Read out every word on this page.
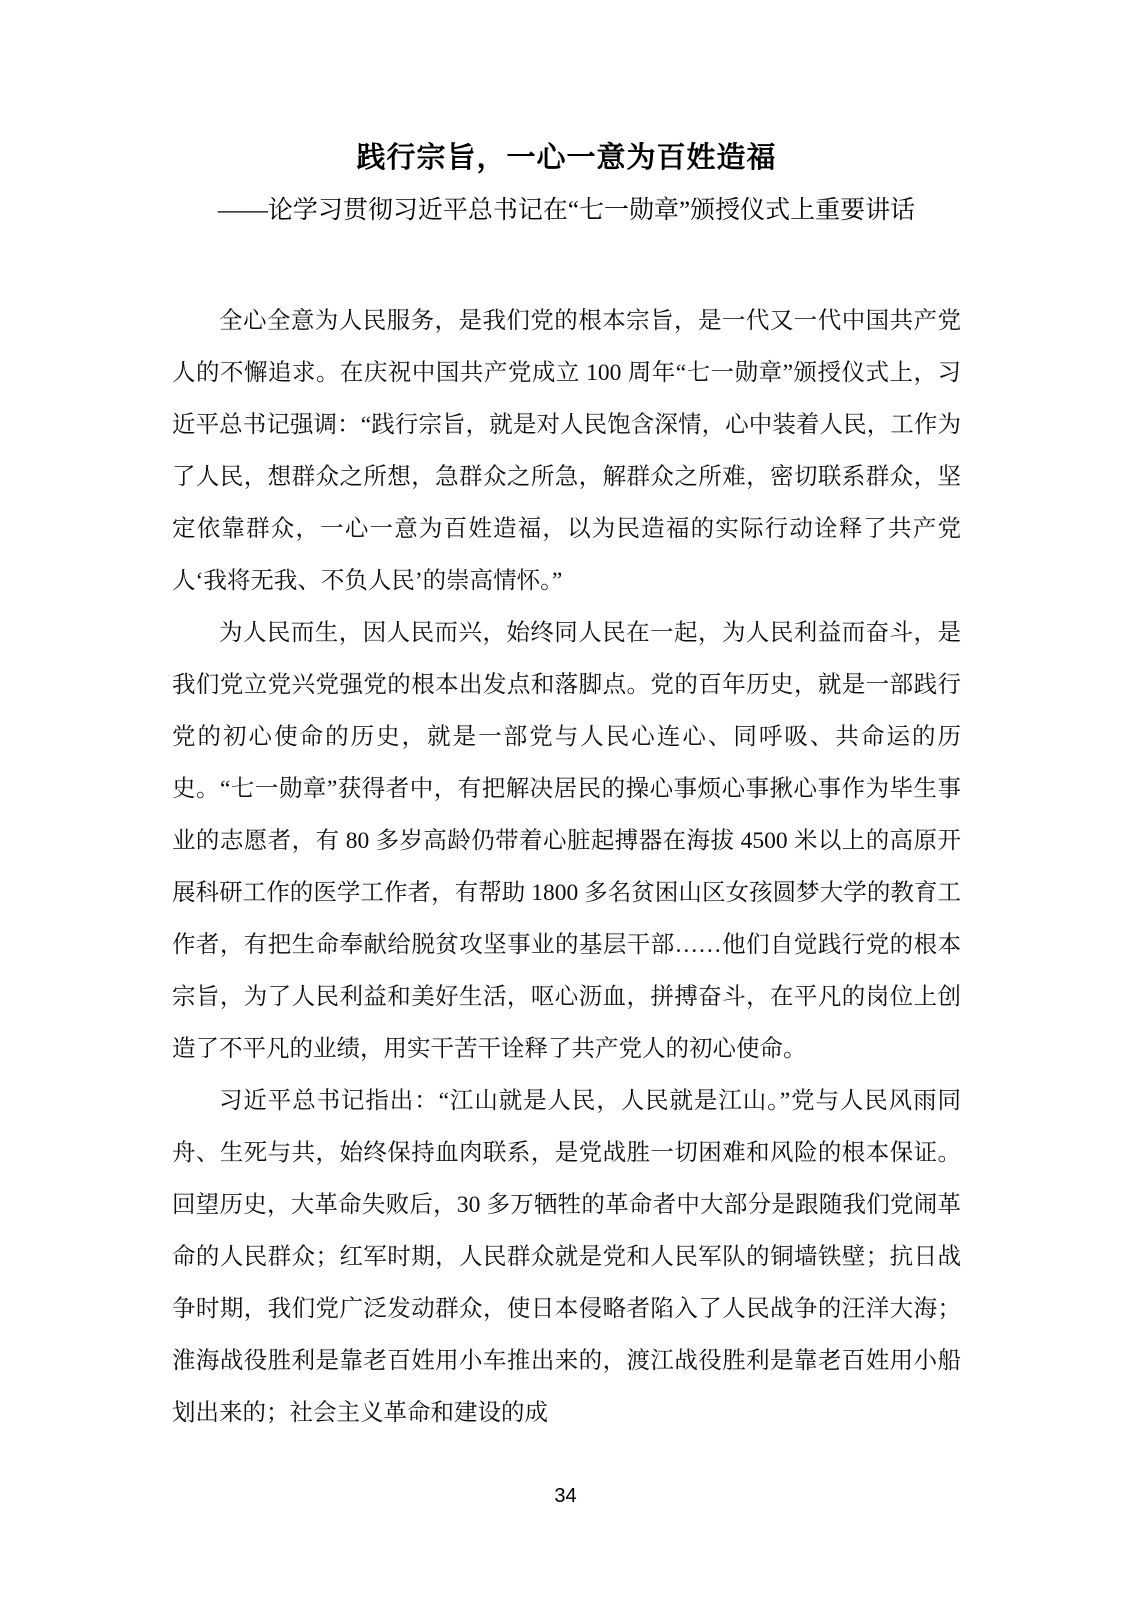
践行宗旨，一心一意为百姓造福
——论学习贯彻习近平总书记在“七一勋章”颁授仪式上重要讲话

全心全意为人民服务，是我们党的根本宗旨，是一代又一代中国共产党人的不懈追求。在庆祝中国共产党成立 100 周年“七一勋章”颁授仪式上，习近平总书记强调：“践行宗旨，就是对人民饱含深情，心中装着人民，工作为了人民，想群众之所想，急群众之所急，解群众之所难，密切联系群众，坚定依靠群众，一心一意为百姓造福，以为民造福的实际行动诠释了共产党人‘我将无我、不负人民’的崇高情怀。”

为人民而生，因人民而兴，始终同人民在一起，为人民利益而奋斗，是我们党立党兴党强党的根本出发点和落脚点。党的百年历史，就是一部践行党的初心使命的历史，就是一部党与人民心连心、同呼吸、共命运的历史。“七一勋章”获得者中，有把解决居民的操心事烦心事揪心事作为毕生事业的志愿者，有 80 多岁高龄仍带着心脏起搏器在海拔 4500 米以上的高原开展科研工作的医学工作者，有帮助 1800 多名贫困山区女孩圆梦大学的教育工作者，有把生命奉献给脱贫攻坚事业的基层干部……他们自觉践行党的根本宗旨，为了人民利益和美好生活，呕心沥血，拼搏奋斗，在平凡的岗位上创造了不平凡的业绩，用实干苦干诠释了共产党人的初心使命。

习近平总书记指出：“江山就是人民，人民就是江山。”党与人民风雨同舟、生死与共，始终保持血肉联系，是党战胜一切困难和风险的根本保证。回望历史，大革命失败后，30 多万牺牲的革命者中大部分是跟随我们党闹革命的人民群众；红军时期，人民群众就是党和人民军队的铜墙铁壁；抗日战争时期，我们党广泛发动群众，使日本侵略者陷入了人民战争的汪洋大海；淮海战役胜利是靠老百姓用小车推出来的，渡江战役胜利是靠老百姓用小船划出来的；社会主义革命和建设的成

34
